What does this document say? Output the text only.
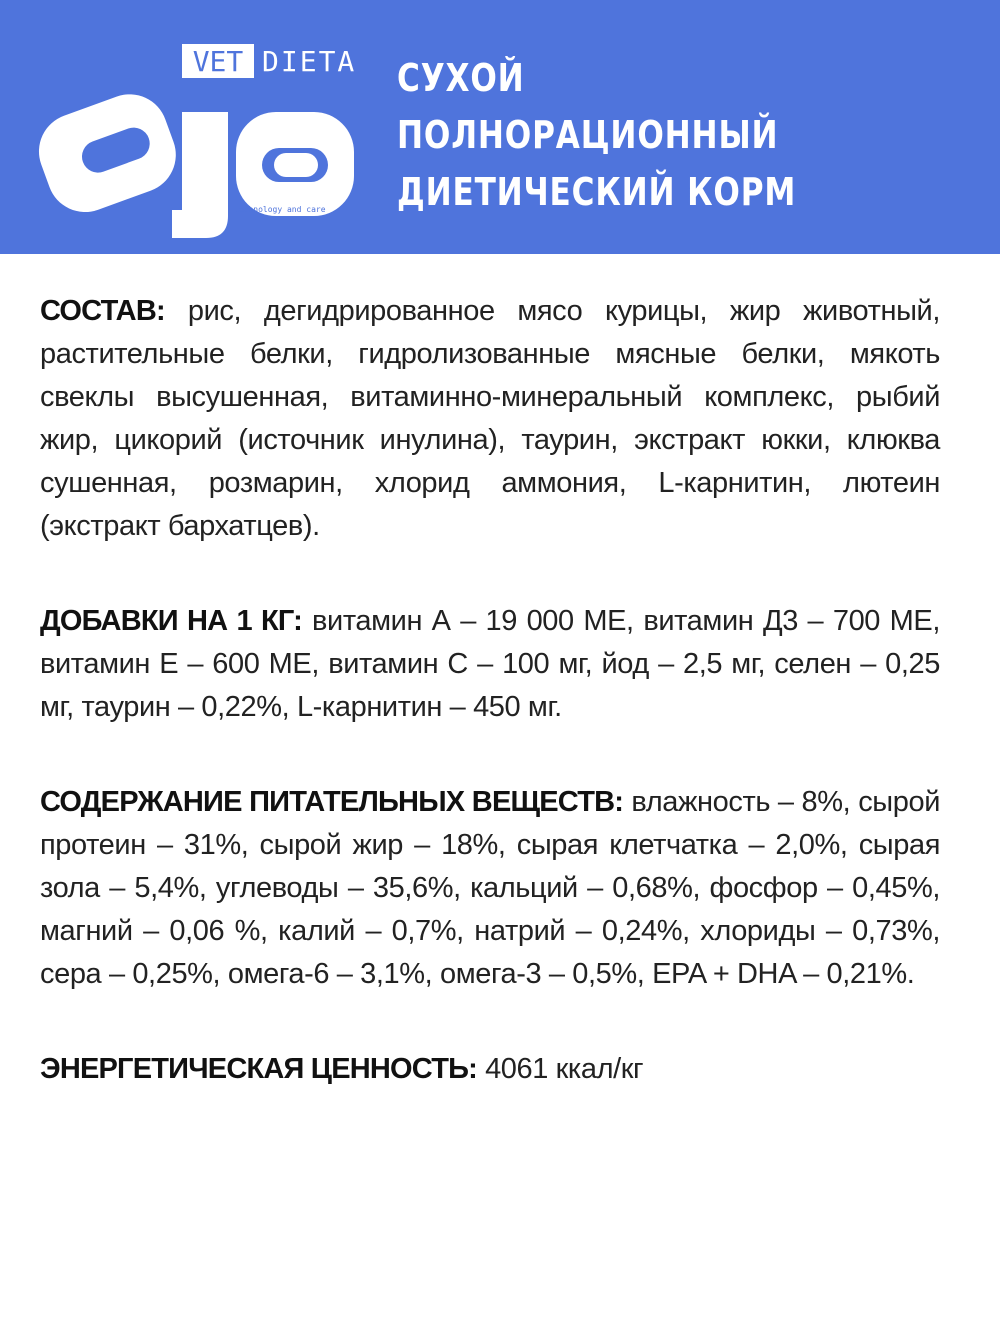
VET DIETA
technology and care
СУХОЙ
ПОЛНОРАЦИОННЫЙ
ДИЕТИЧЕСКИЙ КОРМ

СОСТАВ: рис, дегидрированное мясо курицы, жир животный, растительные белки, гидролизованные мясные белки, мякоть свеклы высушенная, витаминно-минеральный комплекс, рыбий жир, цикорий (источник инулина), таурин, экстракт юкки, клюква сушенная, розмарин, хлорид аммония, L-карнитин, лютеин (экстракт бархатцев).

ДОБАВКИ НА 1 КГ: витамин А – 19 000 МЕ, витамин Д3 – 700 МЕ, витамин Е – 600 МЕ, витамин С – 100 мг, йод – 2,5 мг, селен – 0,25 мг, таурин – 0,22%, L-карнитин – 450 мг.

СОДЕРЖАНИЕ ПИТАТЕЛЬНЫХ ВЕЩЕСТВ: влажность – 8%, сырой протеин – 31%, сырой жир – 18%, сырая клетчатка – 2,0%, сырая зола – 5,4%, углеводы – 35,6%, кальций – 0,68%, фосфор – 0,45%, магний – 0,06 %, калий – 0,7%, натрий – 0,24%, хлориды – 0,73%, сера – 0,25%, омега-6 – 3,1%, омега-3 – 0,5%, EPA + DHA – 0,21%.

ЭНЕРГЕТИЧЕСКАЯ ЦЕННОСТЬ: 4061 ккал/кг
